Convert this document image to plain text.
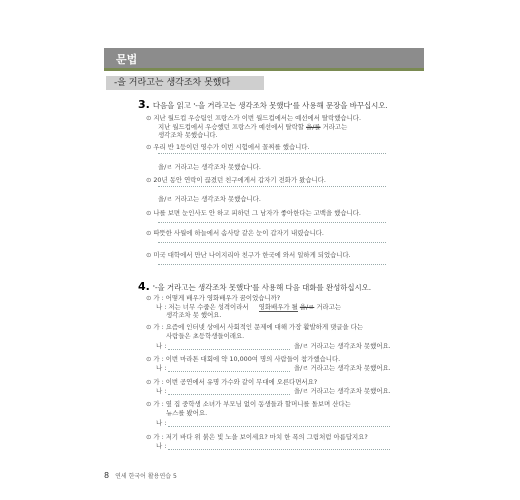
문법
-을 거라고는 생각조차 못했다
3. 다음을 읽고 '-을 거라고는 생각조차 못했다'를 사용해 문장을 바꾸십시오.
⊙ 지난 월드컵 우승팀인 프랑스가 이번 월드컵에서는 예선에서 탈락했습니다.
지난 월드컵에서 우승했던 프랑스가 예선에서 탈락할 을/를 거라고는
생각조차 못했습니다.
⊙ 우리 반 1등이던 영수가 이번 시험에서 꼴찌를 했습니다.
을/ㄹ 거라고는 생각조차 못했습니다.
⊙ 20년 동안 연락이 끊겼던 친구에게서 갑자기 전화가 왔습니다.
을/ㄹ 거라고는 생각조차 못했습니다.
⊙ 나를 보면 눈인사도 안 하고 피하던 그 남자가 좋아한다는 고백을 했습니다.
⊙ 따뜻한 사월에 하늘에서 솜사탕 같은 눈이 갑자기 내렸습니다.
⊙ 미국 대학에서 만난 나이지리아 친구가 한국에 와서 일하게 되었습니다.
4. '-을 거라고는 생각조차 못했다'를 사용해 다음 대화를 완성하십시오.
⊙ 가 : 어떻게 배우가 영화배우가 꿈이었습니까?
나 : 저는 너무 수줍은 성격이라서 영화배우가 될 을/ㄹ 거라고는
생각조차 못 했어요.
⊙ 가 : 요즘에 인터넷 상에서 사회적인 문제에 대해 가장 활발하게 댓글을 다는
사람들은 초등학생들이래요.
나 :	을/ㄹ 거라고는 생각조차 못했어요.
⊙ 가 : 이번 마라톤 대회에 약 10,000여 명의 사람들이 참가했습니다.
나 :	을/ㄹ 거라고는 생각조차 못했어요.
⊙ 가 : 이번 공연에서 유명 가수와 같이 무대에 오른다면서요?
나 :	을/ㄹ 거라고는 생각조차 못했어요.
⊙ 가 : 옆 집 중학생 소녀가 부모님 없이 동생들과 할머니를 돌보며 산다는
뉴스를 봤어요.
나 :
⊙ 가 : 저기 바다 위 붉은 빛 노을 보이세요? 마치 한 폭의 그림처럼 아름답지요?
나 :
8 연세 한국어 활용연습 5
